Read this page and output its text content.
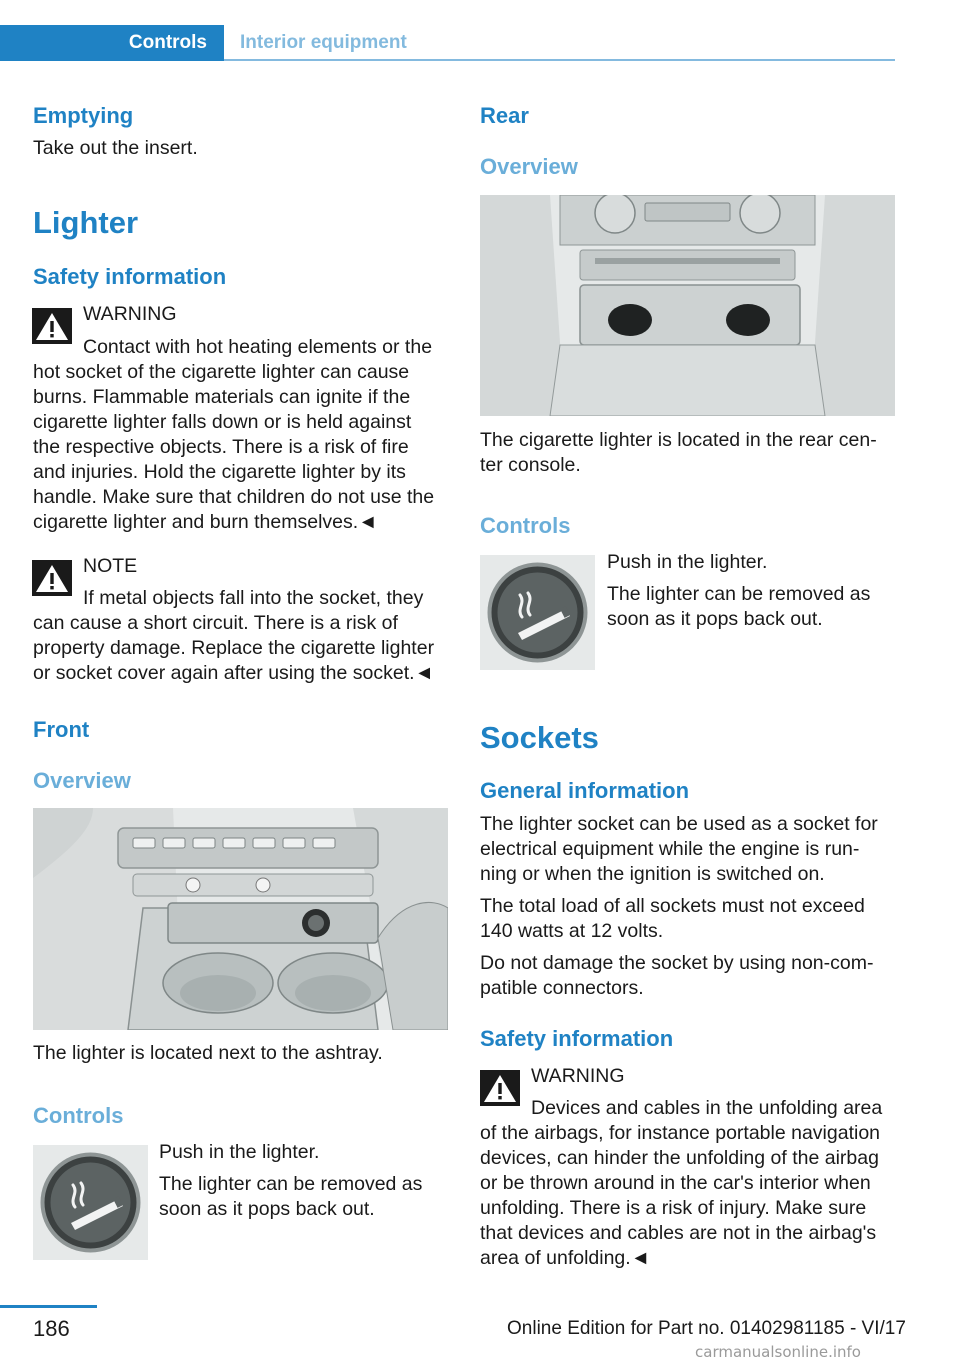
Controls	Interior equipment
Emptying
Take out the insert.
Lighter
Safety information
WARNING
Contact with hot heating elements or the
hot socket of the cigarette lighter can cause
burns. Flammable materials can ignite if the
cigarette lighter falls down or is held against
the respective objects. There is a risk of fire
and injuries. Hold the cigarette lighter by its
handle. Make sure that children do not use the
cigarette lighter and burn themselves.◄
NOTE
If metal objects fall into the socket, they
can cause a short circuit. There is a risk of
property damage. Replace the cigarette lighter
or socket cover again after using the socket.◄
Front
Overview
The lighter is located next to the ashtray.
Controls
Push in the lighter.
The lighter can be removed as
soon as it pops back out.
Rear
Overview
The cigarette lighter is located in the rear cen‐
ter console.
Controls
Push in the lighter.
The lighter can be removed as
soon as it pops back out.
Sockets
General information
The lighter socket can be used as a socket for
electrical equipment while the engine is run‐
ning or when the ignition is switched on.
The total load of all sockets must not exceed
140 watts at 12 volts.
Do not damage the socket by using non-com‐
patible connectors.
Safety information
WARNING
Devices and cables in the unfolding area
of the airbags, for instance portable navigation
devices, can hinder the unfolding of the airbag
or be thrown around in the car's interior when
unfolding. There is a risk of injury. Make sure
that devices and cables are not in the airbag's
area of unfolding.◄
186	Online Edition for Part no. 01402981185 - VI/17
carmanualsonline.info
